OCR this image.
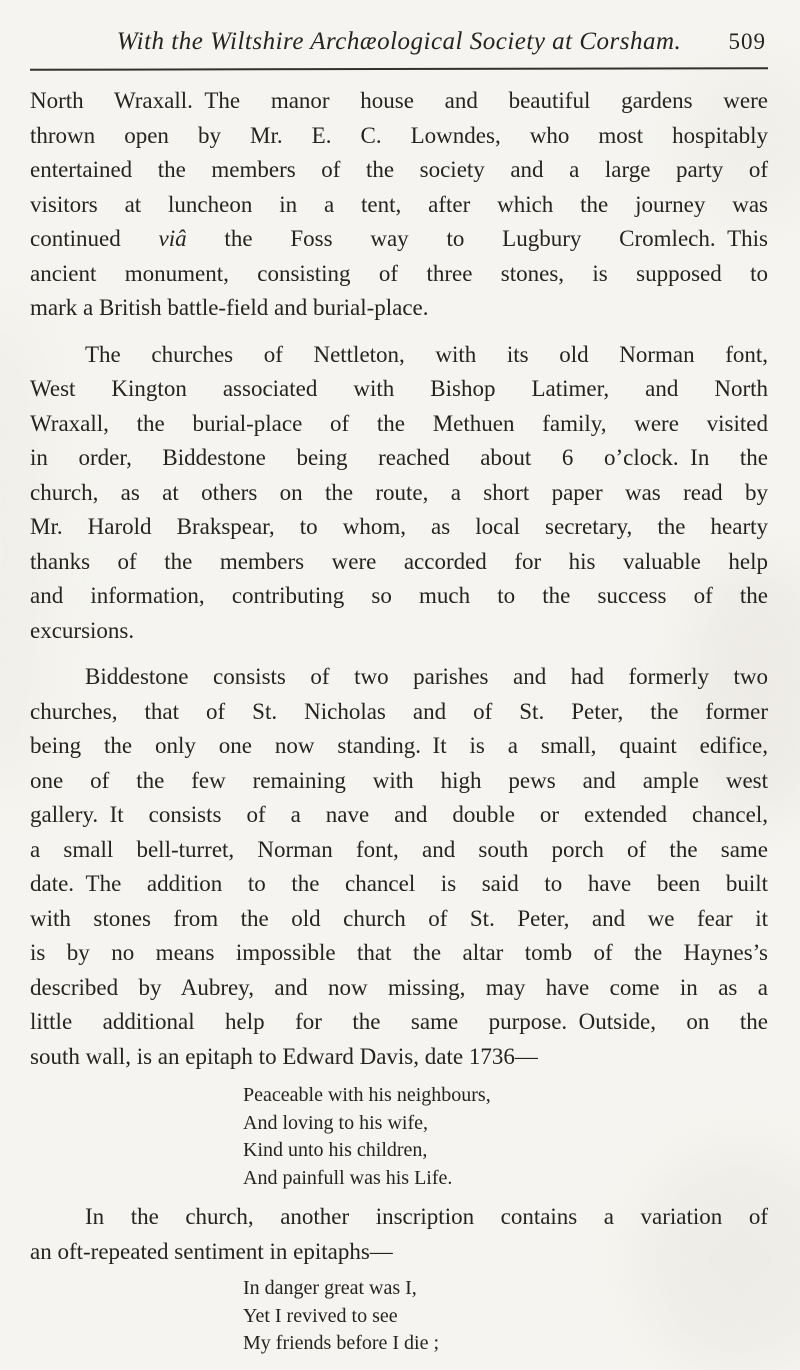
With the Wiltshire Archæological Society at Corsham. 509
North Wraxall. The manor house and beautiful gardens were
thrown open by Mr. E. C. Lowndes, who most hospitably
entertained the members of the society and a large party of
visitors at luncheon in a tent, after which the journey was
continued viâ the Foss way to Lugbury Cromlech. This
ancient monument, consisting of three stones, is supposed to
mark a British battle-field and burial-place.
The churches of Nettleton, with its old Norman font,
West Kington associated with Bishop Latimer, and North
Wraxall, the burial-place of the Methuen family, were visited
in order, Biddestone being reached about 6 o’clock. In the
church, as at others on the route, a short paper was read by
Mr. Harold Brakspear, to whom, as local secretary, the hearty
thanks of the members were accorded for his valuable help
and information, contributing so much to the success of the
excursions.
Biddestone consists of two parishes and had formerly two
churches, that of St. Nicholas and of St. Peter, the former
being the only one now standing. It is a small, quaint edifice,
one of the few remaining with high pews and ample west
gallery. It consists of a nave and double or extended chancel,
a small bell-turret, Norman font, and south porch of the same
date. The addition to the chancel is said to have been built
with stones from the old church of St. Peter, and we fear it
is by no means impossible that the altar tomb of the Haynes’s
described by Aubrey, and now missing, may have come in as a
little additional help for the same purpose. Outside, on the
south wall, is an epitaph to Edward Davis, date 1736—
Peaceable with his neighbours,
And loving to his wife,
Kind unto his children,
And painfull was his Life.
In the church, another inscription contains a variation of
an oft-repeated sentiment in epitaphs—
In danger great was I,
Yet I revived to see
My friends before I die ;
